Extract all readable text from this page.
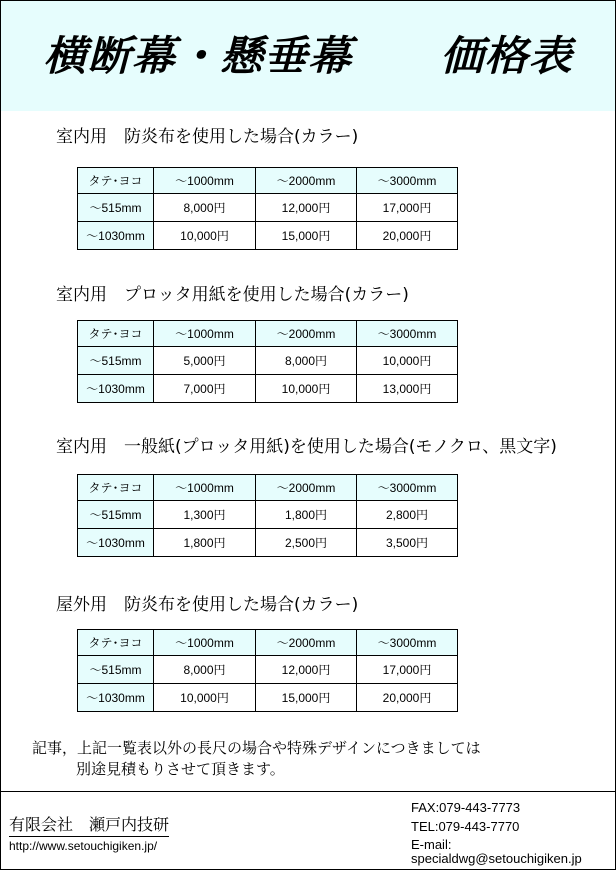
横断幕・懸垂幕　　価格表
室内用　防炎布を使用した場合(カラー)
タテ･ヨコ	～1000mm	～2000mm	～3000mm
～515mm	8,000円	12,000円	17,000円
～1030mm	10,000円	15,000円	20,000円
室内用　プロッタ用紙を使用した場合(カラー)
タテ･ヨコ	～1000mm	～2000mm	～3000mm
～515mm	5,000円	8,000円	10,000円
～1030mm	7,000円	10,000円	13,000円
室内用　一般紙(プロッタ用紙)を使用した場合(モノクロ、黒文字)
タテ･ヨコ	～1000mm	～2000mm	～3000mm
～515mm	1,300円	1,800円	2,800円
～1030mm	1,800円	2,500円	3,500円
屋外用　防炎布を使用した場合(カラー)
タテ･ヨコ	～1000mm	～2000mm	～3000mm
～515mm	8,000円	12,000円	17,000円
～1030mm	10,000円	15,000円	20,000円
記事，上記一覧表以外の長尺の場合や特殊デザインにつきましては
別途見積もりさせて頂きます。
有限会社　瀬戸内技研
http://www.setouchigiken.jp/
FAX:079-443-7773
TEL:079-443-7770
E-mail:
specialdwg@setouchigiken.jp
